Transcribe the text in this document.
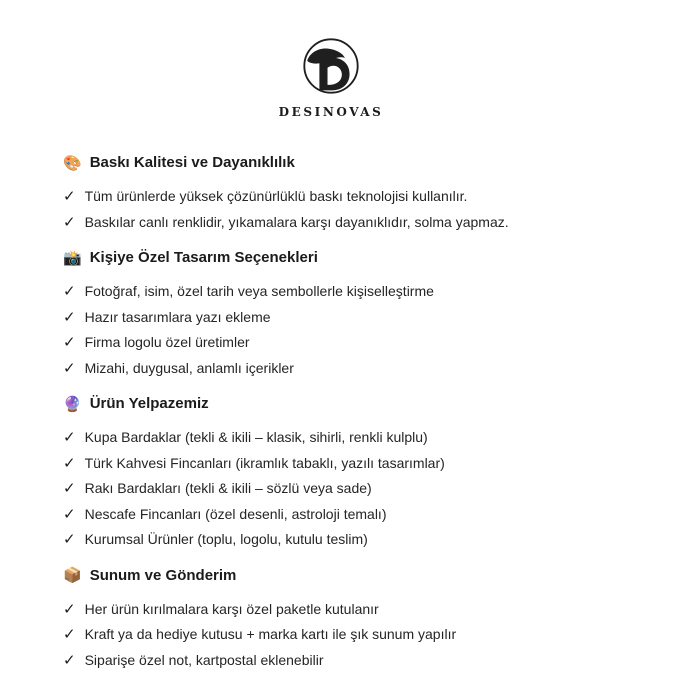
DESINOVAS
🎨 Baskı Kalitesi ve Dayanıklılık
✓ Tüm ürünlerde yüksek çözünürlüklü baskı teknolojisi kullanılır.
✓ Baskılar canlı renklidir, yıkamalara karşı dayanıklıdır, solma yapmaz.
📸 Kişiye Özel Tasarım Seçenekleri
✓ Fotoğraf, isim, özel tarih veya sembollerle kişiselleştirme
✓ Hazır tasarımlara yazı ekleme
✓ Firma logolu özel üretimler
✓ Mizahi, duygusal, anlamlı içerikler
🔮 Ürün Yelpazemiz
✓ Kupa Bardaklar (tekli & ikili – klasik, sihirli, renkli kulplu)
✓ Türk Kahvesi Fincanları (ikramlık tabaklı, yazılı tasarımlar)
✓ Rakı Bardakları (tekli & ikili – sözlü veya sade)
✓ Nescafe Fincanları (özel desenli, astroloji temalı)
✓ Kurumsal Ürünler (toplu, logolu, kutulu teslim)
📦 Sunum ve Gönderim
✓ Her ürün kırılmalara karşı özel paketle kutulanır
✓ Kraft ya da hediye kutusu + marka kartı ile şık sunum yapılır
✓ Siparişe özel not, kartpostal eklenebilir
